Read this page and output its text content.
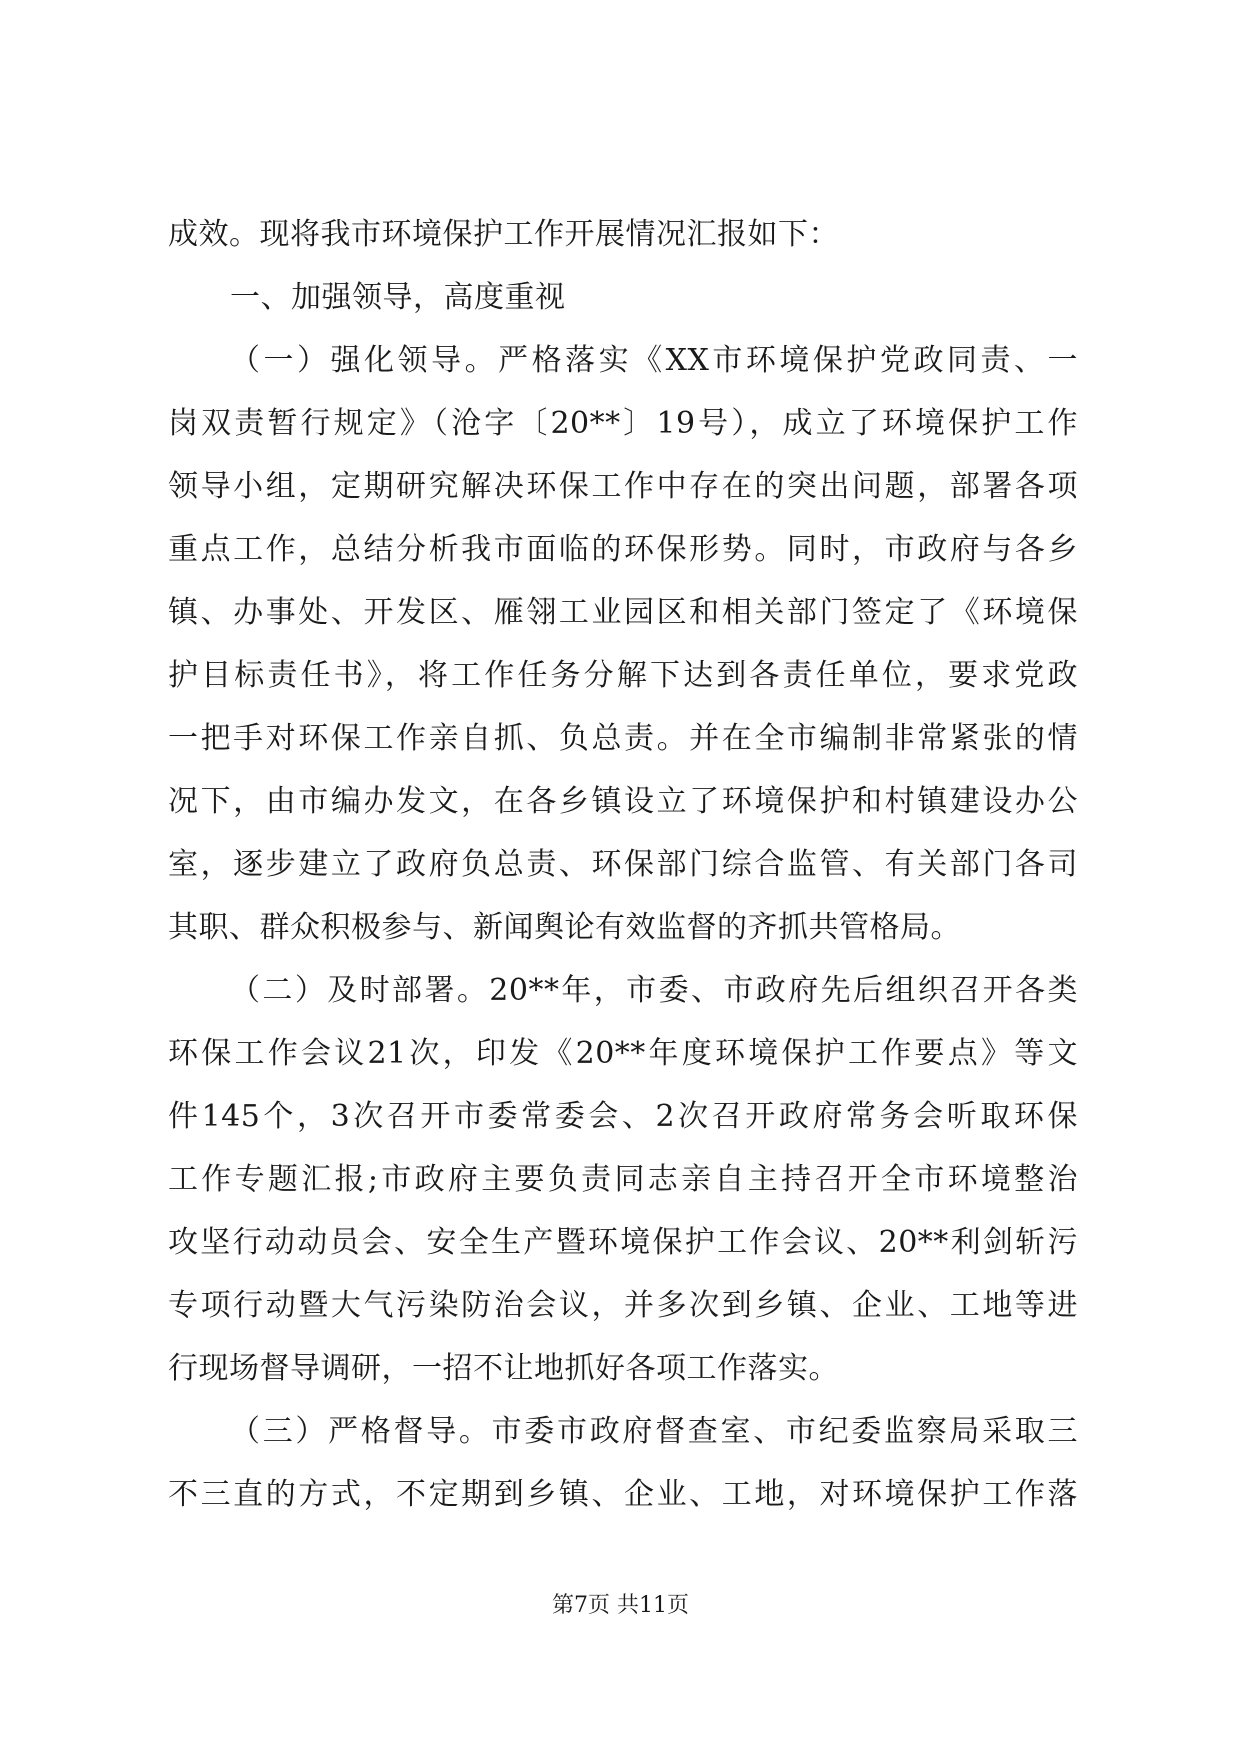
成效。现将我市环境保护工作开展情况汇报如下：
一、加强领导，高度重视
（一）强化领导。严格落实《XX市环境保护党政同责、一
岗双责暂行规定》（沧字〔20**〕19号），成立了环境保护工作
领导小组，定期研究解决环保工作中存在的突出问题，部署各项
重点工作，总结分析我市面临的环保形势。同时，市政府与各乡
镇、办事处、开发区、雁翎工业园区和相关部门签定了《环境保
护目标责任书》，将工作任务分解下达到各责任单位，要求党政
一把手对环保工作亲自抓、负总责。并在全市编制非常紧张的情
况下，由市编办发文，在各乡镇设立了环境保护和村镇建设办公
室，逐步建立了政府负总责、环保部门综合监管、有关部门各司
其职、群众积极参与、新闻舆论有效监督的齐抓共管格局。
（二）及时部署。20**年，市委、市政府先后组织召开各类
环保工作会议21次，印发《20**年度环境保护工作要点》等文
件145个，3次召开市委常委会、2次召开政府常务会听取环保
工作专题汇报;市政府主要负责同志亲自主持召开全市环境整治
攻坚行动动员会、安全生产暨环境保护工作会议、20**利剑斩污
专项行动暨大气污染防治会议，并多次到乡镇、企业、工地等进
行现场督导调研，一招不让地抓好各项工作落实。
（三）严格督导。市委市政府督查室、市纪委监察局采取三
不三直的方式，不定期到乡镇、企业、工地，对环境保护工作落
第7页 共11页
